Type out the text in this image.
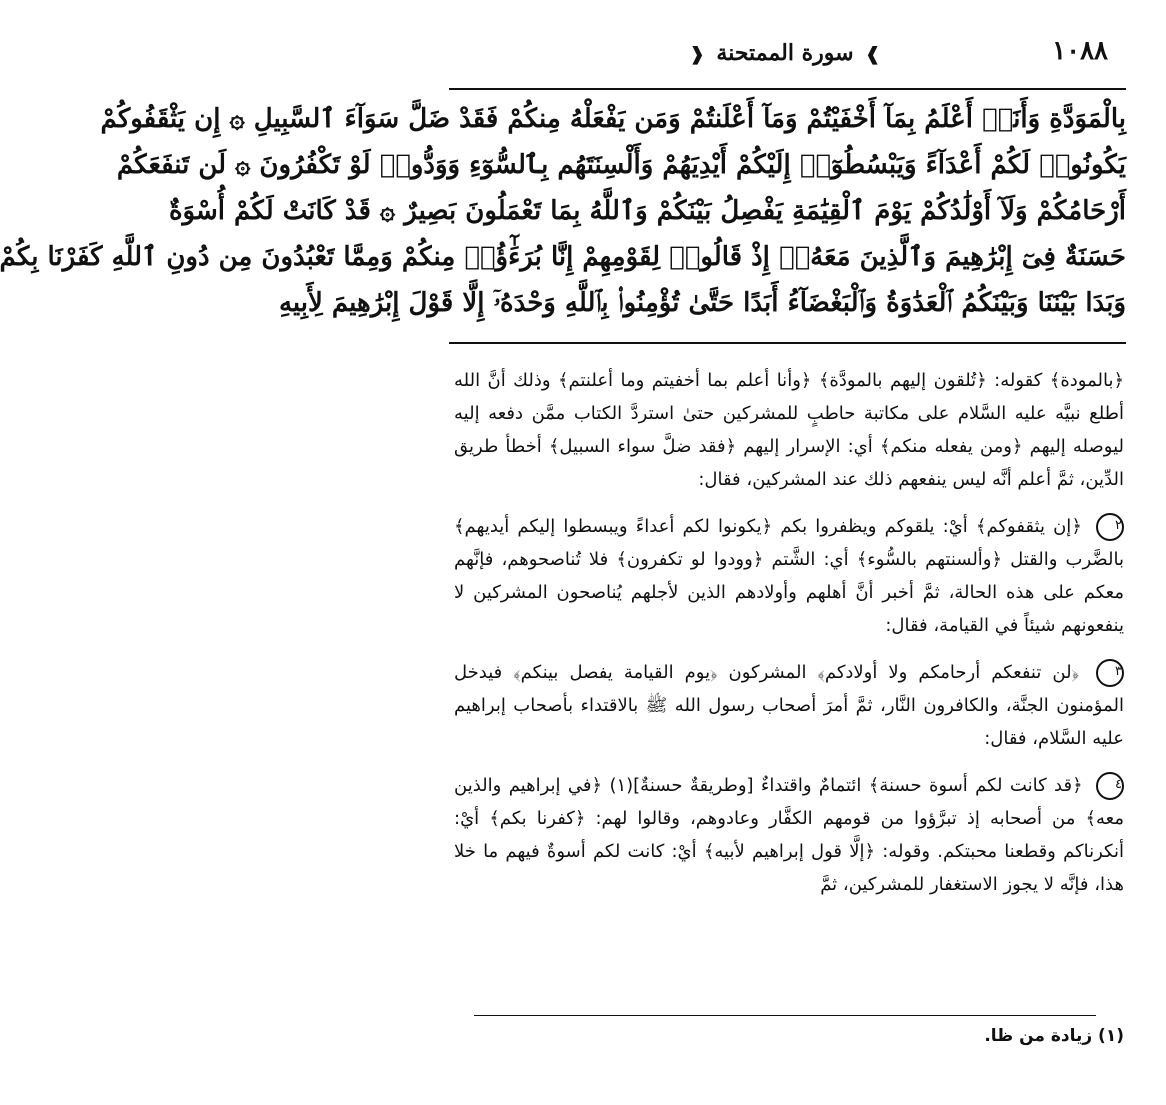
١٠٨٨
❱ سورة الممتحنة ❰
بِالْمَوَدَّةِ وَأَنَا۠ أَعْلَمُ بِمَآ أَخْفَيْتُمْ وَمَآ أَعْلَنتُمْ وَمَن يَفْعَلْهُ مِنكُمْ فَقَدْ ضَلَّ سَوَآءَ ٱلسَّبِيلِ ۞ إِن يَثْقَفُوكُمْ
يَكُونُوا۟ لَكُمْ أَعْدَآءً وَيَبْسُطُوٓا۟ إِلَيْكُمْ أَيْدِيَهُمْ وَأَلْسِنَتَهُم بِٱلسُّوٓءِ وَوَدُّوا۟ لَوْ تَكْفُرُونَ ۞ لَن تَنفَعَكُمْ
أَرْحَامُكُمْ وَلَآ أَوْلَٰدُكُمْ يَوْمَ ٱلْقِيَٰمَةِ يَفْصِلُ بَيْنَكُمْ وَٱللَّهُ بِمَا تَعْمَلُونَ بَصِيرٌ ۞ قَدْ كَانَتْ لَكُمْ أُسْوَةٌ
حَسَنَةٌ فِىٓ إِبْرَٰهِيمَ وَٱلَّذِينَ مَعَهُۥٓ إِذْ قَالُوا۟ لِقَوْمِهِمْ إِنَّا بُرَءَٰٓؤُا۟ مِنكُمْ وَمِمَّا تَعْبُدُونَ مِن دُونِ ٱللَّهِ كَفَرْنَا بِكُمْ
وَبَدَا بَيْنَنَا وَبَيْنَكُمُ ٱلْعَدَٰوَةُ وَٱلْبَغْضَآءُ أَبَدًا حَتَّىٰ تُؤْمِنُوا۟ بِٱللَّهِ وَحْدَهُۥٓ إِلَّا قَوْلَ إِبْرَٰهِيمَ لِأَبِيهِ

﴿بالمودة﴾ كقوله: ﴿تُلقون إليهم بالمودَّة﴾ ﴿وأنا أعلم بما أخفيتم وما أعلنتم﴾ وذلك أنَّ الله أطلع نبيَّه عليه السَّلام على مكاتبة حاطبٍ للمشركين حتىٰ استردَّ الكتاب ممَّن دفعه إليه ليوصله إليهم ﴿ومن يفعله منكم﴾ أي: الإسرار إليهم ﴿فقد ضلَّ سواء السبيل﴾ أخطأ طريق الدِّين، ثمَّ أعلم أنَّه ليس ينفعهم ذلك عند المشركين، فقال:

٢ ﴿إن يثقفوكم﴾ أيْ: يلقوكم ويظفروا بكم ﴿يكونوا لكم أعداءً ويبسطوا إليكم أيديهم﴾ بالضَّرب والقتل ﴿وألسنتهم بالسُّوء﴾ أي: الشَّتم ﴿وودوا لو تكفرون﴾ فلا تُناصحوهم، فإنَّهم معكم على هذه الحالة، ثمَّ أخبر أنَّ أهلهم وأولادهم الذين لأجلهم يُناصحون المشركين لا ينفعونهم شيئاً في القيامة، فقال:

٣ ﴿لن تنفعكم أرحامكم ولا أولادكم﴾ المشركون ﴿يوم القيامة يفصل بينكم﴾ فيدخل المؤمنون الجنَّة، والكافرون النَّار، ثمَّ أمرَ أصحاب رسول الله ﷺ بالاقتداء بأصحاب إبراهيم عليه السَّلام، فقال:

٤ ﴿قد كانت لكم أسوة حسنة﴾ ائتمامٌ واقتداءٌ [وطريقةٌ حسنةٌ](١) ﴿في إبراهيم والذين معه﴾ من أصحابه إذ تبرَّؤوا من قومهم الكفَّار وعادوهم، وقالوا لهم: ﴿كفرنا بكم﴾ أيْ: أنكرناكم وقطعنا محبتكم. وقوله: ﴿إلَّا قول إبراهيم لأبيه﴾ أيْ: كانت لكم أسوةٌ فيهم ما خلا هذا، فإنَّه لا يجوز الاستغفار للمشركين، ثمَّ

(١) زيادة من ظا.
